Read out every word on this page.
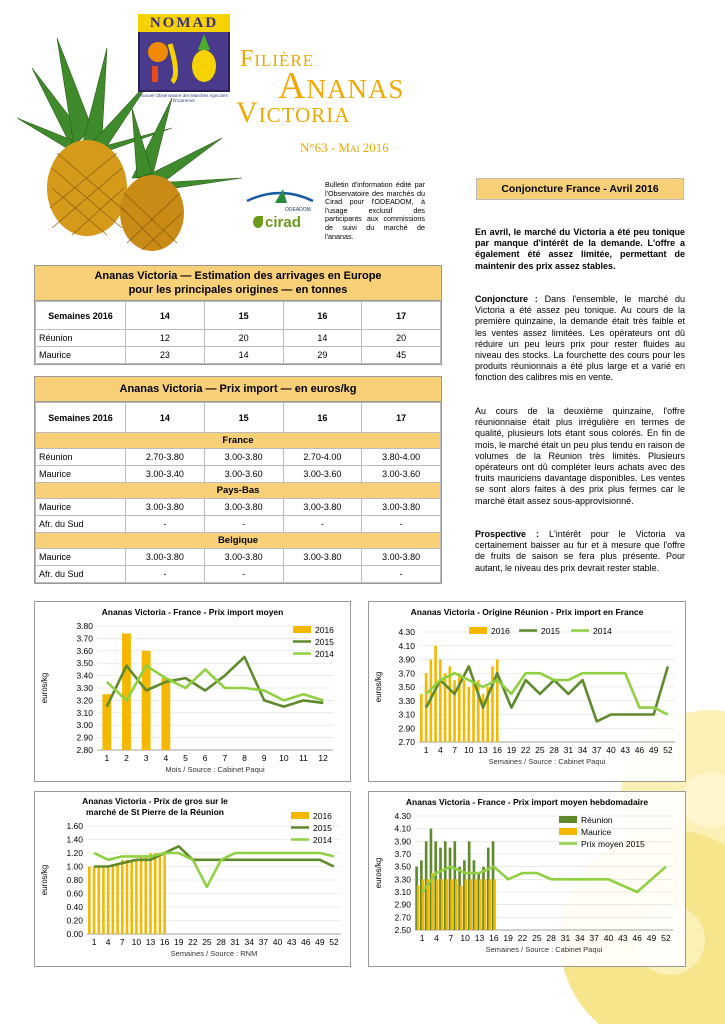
NOMAD
Nouvel Observatoire des Marchés Agricoles D'outremer
Filière
Ananas
Victoria
N°63 - Mai 2016
ODEADOM
cirad
Bulletin d'information édité par l'Observatoire des marchés du Cirad pour l'ODEADOM, à l'usage exclusif des participants aux commissions de suivi du marché de l'ananas.
Ananas Victoria — Estimation des arrivages en Europe
pour les principales origines — en tonnes
Semaines 2016	14	15	16	17
Réunion	12	20	14	20
Maurice	23	14	29	45
Ananas Victoria — Prix import — en euros/kg
Semaines 2016	14	15	16	17
France				
Réunion	2.70-3.80	3.00-3.80	2.70-4.00	3.80-4.00
Maurice	3.00-3.40	3.00-3.60	3.00-3.60	3.00-3.60
Pays-Bas				
Maurice	3.00-3.80	3.00-3.80	3.00-3.80	3.00-3.80
Afr. du Sud	-	-	-	-
Belgique				
Maurice	3.00-3.80	3.00-3.80	3.00-3.80	3.00-3.80
Afr. du Sud	-	-		-
Conjoncture France - Avril 2016
En avril, le marché du Victoria a été peu tonique par manque d'intérêt de la demande. L'offre a également été assez limitée, permettant de maintenir des prix assez stables.
Conjoncture : Dans l'ensemble, le marché du Victoria a été assez peu tonique. Au cours de la première quinzaine, la demande était très faible et les ventes assez limitées. Les opérateurs ont dû réduire un peu leurs prix pour rester fluides au niveau des stocks. La fourchette des cours pour les produits réunionnais a été plus large et a varié en fonction des calibres mis en vente.
Au cours de la deuxième quinzaine, l'offre réunionnaise était plus irrégulière en termes de qualité, plusieurs lots étant sous colorés. En fin de mois, le marché était un peu plus tendu en raison de volumes de la Réunion très limités. Plusieurs opérateurs ont dû compléter leurs achats avec des fruits mauriciens davantage disponibles. Les ventes se sont alors faites à des prix plus fermes car le marché était assez sous-approvisionné.
Prospective : L'intérêt pour le Victoria va certainement baisser au fur et à mesure que l'offre de fruits de saison se fera plus présente. Pour autant, le niveau des prix devrait rester stable.
Ananas Victoria - France - Prix import moyen
2.80
2.90
3.00
3.10
3.20
3.30
3.40
3.50
3.60
3.70
3.80
euros/kg
1 2 3 4 5 6 7 8 9 10 11 12
Mois / Source : Cabinet Paqui
2016
2015
2014
Ananas Victoria - Origine Réunion - Prix import en France
2.70
2.90
3.10
3.30
3.50
3.70
3.90
4.10
4.30
euros/kg
1 4 7 10 13 16 19 22 25 28 31 34 37 40 43 46 49 52
Semaines / Source : Cabinet Paqui
2016	2015	2014
Ananas Victoria - Prix de gros sur le
marché de St Pierre de la Réunion
0.00
0.20
0.40
0.60
0.80
1.00
1.20
1.40
1.60
euros/kg
1 4 7 10 13 16 19 22 25 28 31 34 37 40 43 46 49 52
Semaines / Source : RNM
2016
2015
2014
Ananas Victoria - France - Prix import moyen hebdomadaire
2.50
2.70
2.90
3.10
3.30
3.50
3.70
3.90
4.10
4.30
euros/kg
1 4 7 10 13 16 19 22 25 28 31 34 37 40 43 46 49 52
Semaines / Source : Cabinet Paqui
Réunion
Maurice
Prix moyen 2015
